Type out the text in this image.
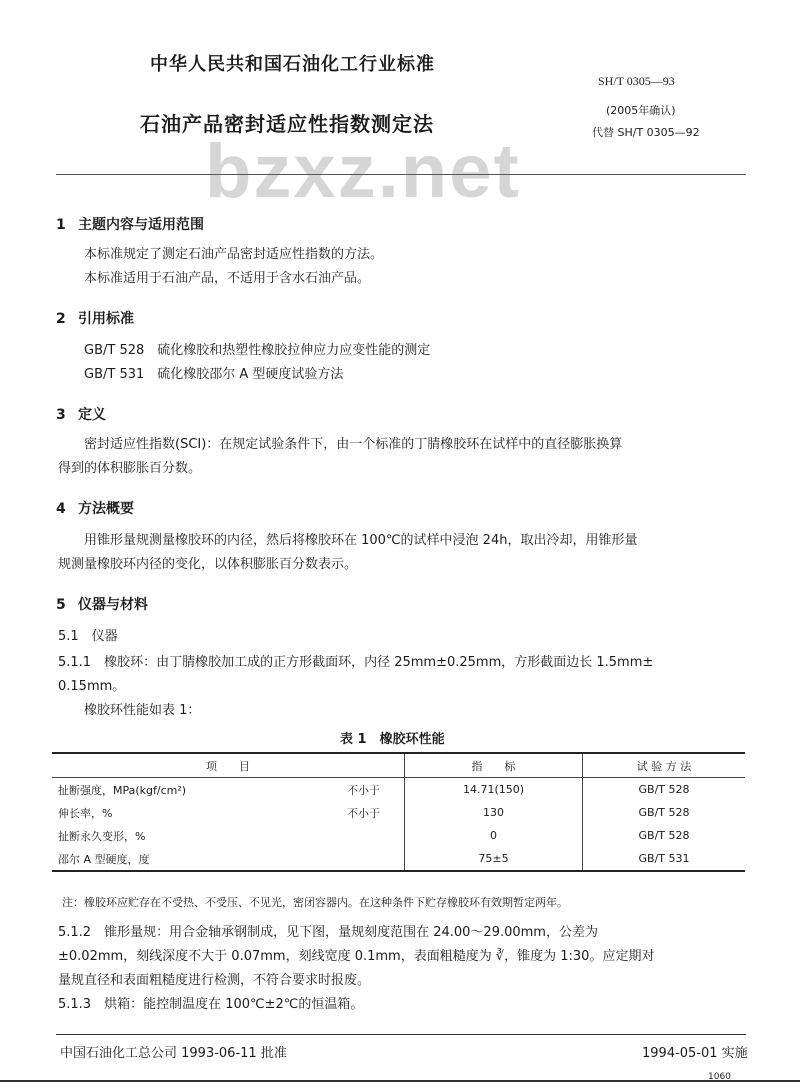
中华人民共和国石油化工行业标准
石油产品密封适应性指数测定法
SH/T 0305—93
(2005年确认)
代替 SH/T 0305—92
bzxz.net
1 主题内容与适用范围
本标准规定了测定石油产品密封适应性指数的方法。
本标准适用于石油产品，不适用于含水石油产品。
2 引用标准
GB/T 528　硫化橡胶和热塑性橡胶拉伸应力应变性能的测定
GB/T 531　硫化橡胶邵尔 A 型硬度试验方法
3 定义
密封适应性指数(SCI)：在规定试验条件下，由一个标准的丁腈橡胶环在试样中的直径膨胀换算
得到的体积膨胀百分数。
4 方法概要
用锥形量规测量橡胶环的内径，然后将橡胶环在 100℃的试样中浸泡 24h，取出冷却，用锥形量
规测量橡胶环内径的变化，以体积膨胀百分数表示。
5 仪器与材料
5.1　仪器
5.1.1　橡胶环：由丁腈橡胶加工成的正方形截面环，内径 25mm±0.25mm，方形截面边长 1.5mm±
0.15mm。
橡胶环性能如表 1：
表 1　橡胶环性能
项　　目	指　　标	试 验 方 法
扯断强度，MPa(kgf/cm²) 不小于	14.71(150)	GB/T 528
伸长率，% 不小于	130	GB/T 528
扯断永久变形，%	0	GB/T 528
邵尔 A 型硬度，度	75±5	GB/T 531
注：橡胶环应贮存在不受热、不受压、不见光，密闭容器内。在这种条件下贮存橡胶环有效期暂定两年。
5.1.2　锥形量规：用合金轴承钢制成，见下图，量规刻度范围在 24.00～29.00mm，公差为
±0.02mm，刻线深度不大于 0.07mm，刻线宽度 0.1mm，表面粗糙度为 ∛，锥度为 1:30。应定期对
量规直径和表面粗糙度进行检测，不符合要求时报废。
5.1.3　烘箱：能控制温度在 100℃±2℃的恒温箱。
中国石油化工总公司 1993-06-11 批准	1994-05-01 实施
1060
